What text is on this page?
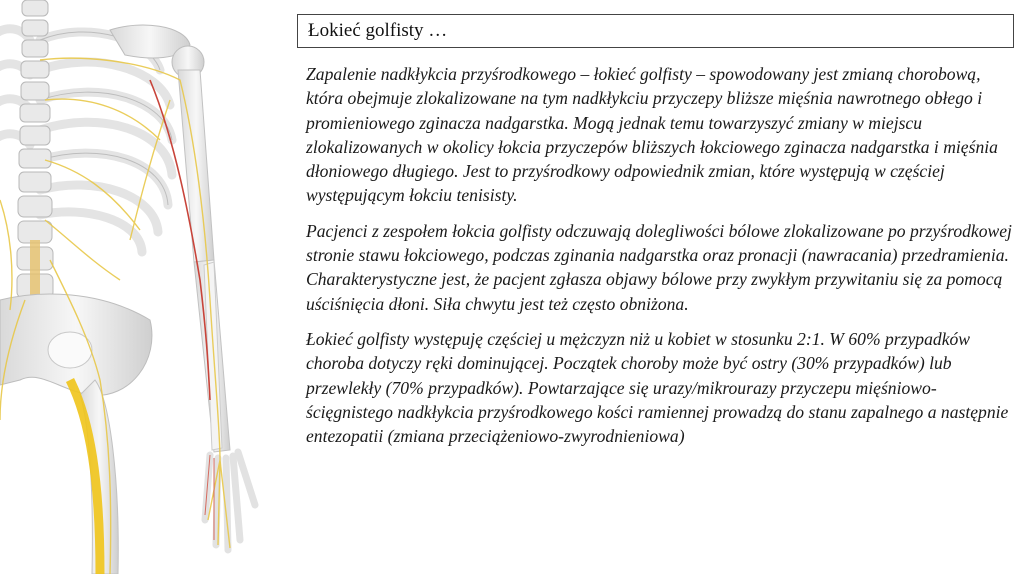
Łokieć golfisty …

Zapalenie nadkłykcia przyśrodkowego – łokieć golfisty – spowodowany jest zmianą chorobową, która obejmuje zlokalizowane na tym nadkłykciu przyczepy bliższe mięśnia nawrotnego obłego i promieniowego zginacza nadgarstka. Mogą jednak temu towarzyszyć zmiany w miejscu zlokalizowanych w okolicy łokcia przyczepów bliższych łokciowego zginacza nadgarstka i mięśnia dłoniowego długiego. Jest to przyśrodkowy odpowiednik zmian, które występują w częściej występującym łokciu tenisisty.

Pacjenci z zespołem łokcia golfisty odczuwają dolegliwości bólowe zlokalizowane po przyśrodkowej stronie stawu łokciowego, podczas zginania nadgarstka oraz pronacji (nawracania) przedramienia. Charakterystyczne jest, że pacjent zgłasza objawy bólowe przy zwykłym przywitaniu się za pomocą uściśnięcia dłoni. Siła chwytu jest też często obniżona.

Łokieć golfisty występuję częściej u mężczyzn niż u kobiet w stosunku 2:1. W 60% przypadków choroba dotyczy ręki dominującej. Początek choroby może być ostry (30% przypadków) lub przewlekły (70% przypadków). Powtarzające się urazy/mikrourazy przyczepu mięśniowo-ścięgnistego nadkłykcia przyśrodkowego kości ramiennej prowadzą do stanu zapalnego a następnie entezopatii (zmiana przeciążeniowo-zwyrodnieniowa)
